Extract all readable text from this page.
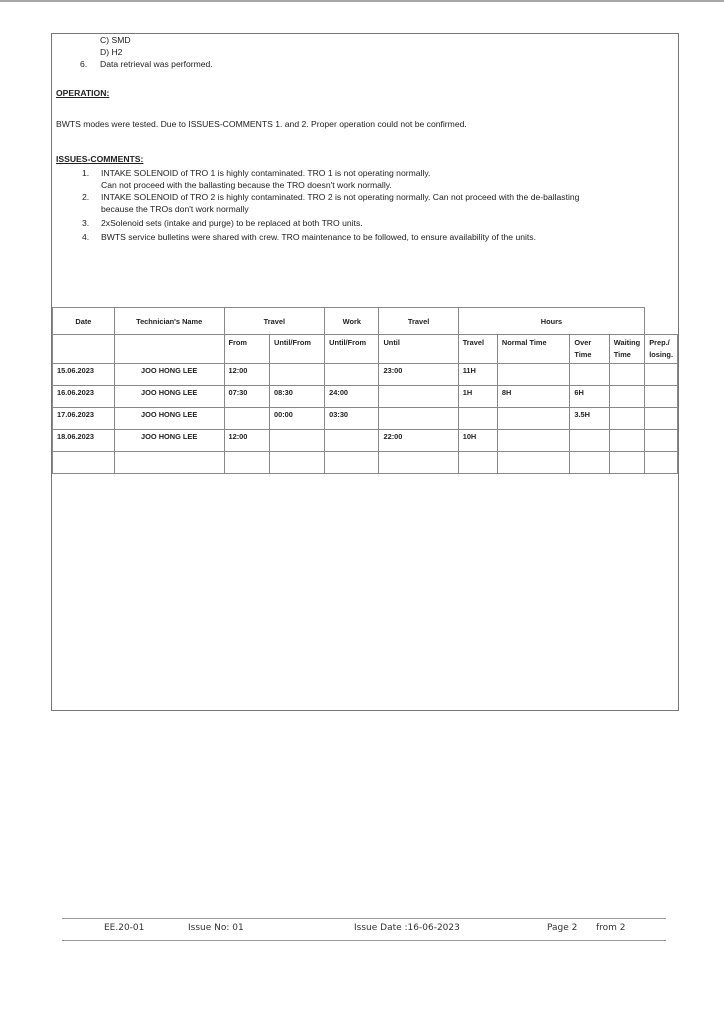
C) SMD
D) H2
6. Data retrieval was performed.
OPERATION:
BWTS modes were tested. Due to ISSUES-COMMENTS 1. and 2. Proper operation could not be confirmed.
ISSUES-COMMENTS:
1. INTAKE SOLENOID of TRO 1 is highly contaminated. TRO 1 is not operating normally.
Can not proceed with the ballasting because the TRO doesn't work normally.
2. INTAKE SOLENOID of TRO 2 is highly contaminated. TRO 2 is not operating normally. Can not proceed with the de-ballasting
because the TROs don't work normally
3. 2xSolenoid sets (intake and purge) to be replaced at both TRO units.
4. BWTS service bulletins were shared with crew. TRO maintenance to be followed, to ensure availability of the units.
Date	Technician's Name	Travel		Work	Travel	Hours				
		From	Until/From	Until/From	Until	Travel	Normal Time	Over Time	Waiting Time	Prep./ losing.
15.06.2023	JOO HONG LEE	12:00			23:00	11H				
16.06.2023	JOO HONG LEE	07:30	08:30	24:00		1H	8H	6H		
17.06.2023	JOO HONG LEE		00:00	03:30				3.5H		
18.06.2023	JOO HONG LEE	12:00			22:00	10H				

EE.20-01	Issue No: 01	Issue Date :16-06-2023	Page 2 from 2
